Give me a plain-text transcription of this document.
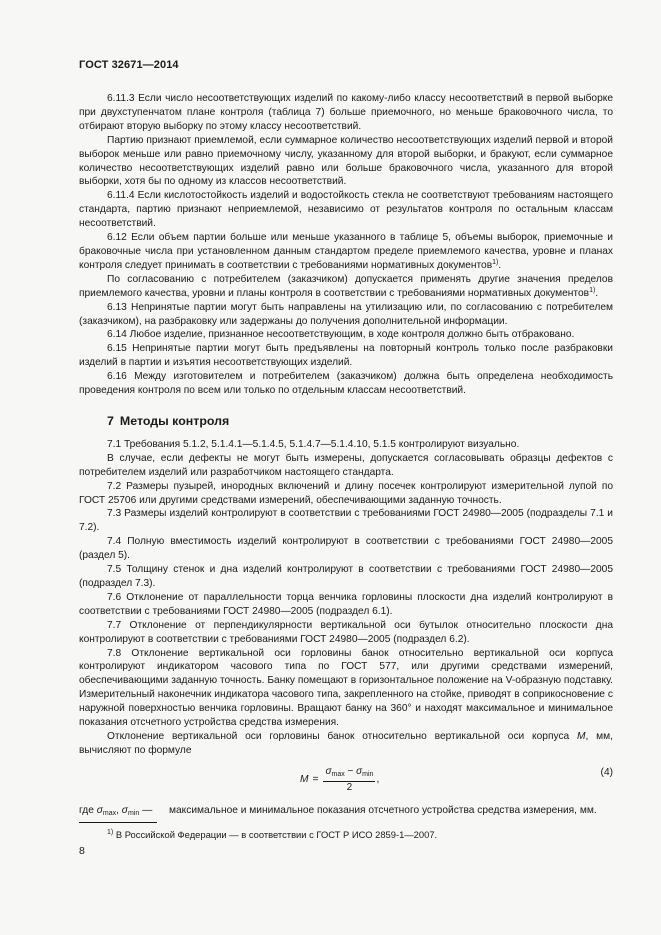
ГОСТ 32671—2014

6.11.3 Если число несоответствующих изделий по какому-либо классу несоответствий в первой выборке при двухступенчатом плане контроля (таблица 7) больше приемочного, но меньше браковочного числа, то отбирают вторую выборку по этому классу несоответствий.

Партию признают приемлемой, если суммарное количество несоответствующих изделий первой и второй выборок меньше или равно приемочному числу, указанному для второй выборки, и бракуют, если суммарное количество несоответствующих изделий равно или больше браковочного числа, указанного для второй выборки, хотя бы по одному из классов несоответствий.

6.11.4 Если кислотостойкость изделий и водостойкость стекла не соответствуют требованиям настоящего стандарта, партию признают неприемлемой, независимо от результатов контроля по остальным классам несоответствий.

6.12 Если объем партии больше или меньше указанного в таблице 5, объемы выборок, приемочные и браковочные числа при установленном данным стандартом пределе приемлемого качества, уровне и планах контроля следует принимать в соответствии с требованиями нормативных документов$^{1)}$.

По согласованию с потребителем (заказчиком) допускается применять другие значения пределов приемлемого качества, уровни и планы контроля в соответствии с требованиями нормативных документов$^{1)}$.

6.13 Непринятые партии могут быть направлены на утилизацию или, по согласованию с потребителем (заказчиком), на разбраковку или задержаны до получения дополнительной информации.

6.14 Любое изделие, признанное несоответствующим, в ходе контроля должно быть отбраковано.

6.15 Непринятые партии могут быть предъявлены на повторный контроль только после разбраковки изделий в партии и изъятия несоответствующих изделий.

6.16 Между изготовителем и потребителем (заказчиком) должна быть определена необходимость проведения контроля по всем или только по отдельным классам несоответствий.

7 Методы контроля

7.1 Требования 5.1.2, 5.1.4.1—5.1.4.5, 5.1.4.7—5.1.4.10, 5.1.5 контролируют визуально.

В случае, если дефекты не могут быть измерены, допускается согласовывать образцы дефектов с потребителем изделий или разработчиком настоящего стандарта.

7.2 Размеры пузырей, инородных включений и длину посечек контролируют измерительной лупой по ГОСТ 25706 или другими средствами измерений, обеспечивающими заданную точность.

7.3 Размеры изделий контролируют в соответствии с требованиями ГОСТ 24980—2005 (подразделы 7.1 и 7.2).

7.4 Полную вместимость изделий контролируют в соответствии с требованиями ГОСТ 24980—2005 (раздел 5).

7.5 Толщину стенок и дна изделий контролируют в соответствии с требованиями ГОСТ 24980—2005 (подраздел 7.3).

7.6 Отклонение от параллельности торца венчика горловины плоскости дна изделий контролируют в соответствии с требованиями ГОСТ 24980—2005 (подраздел 6.1).

7.7 Отклонение от перпендикулярности вертикальной оси бутылок относительно плоскости дна контролируют в соответствии с требованиями ГОСТ 24980—2005 (подраздел 6.2).

7.8 Отклонение вертикальной оси горловины банок относительно вертикальной оси корпуса контролируют индикатором часового типа по ГОСТ 577, или другими средствами измерений, обеспечивающими заданную точность. Банку помещают в горизонтальное положение на V-образную подставку. Измерительный наконечник индикатора часового типа, закрепленного на стойке, приводят в соприкосновение с наружной поверхностью венчика горловины. Вращают банку на 360° и находят максимальное и минимальное показания отсчетного устройства средства измерения.

Отклонение вертикальной оси горловины банок относительно вертикальной оси корпуса М, мм, вычисляют по формуле

$М = \frac{\sigma_{max} - \sigma_{min}}{2}$ ,
(4)
где $\sigma_{max}$, $\sigma_{min}$ — максимальное и минимальное показания отсчетного устройства средства измерения, мм.
$^{1)}$ В Российской Федерации — в соответствии с ГОСТ Р ИСО 2859-1—2007.
8
